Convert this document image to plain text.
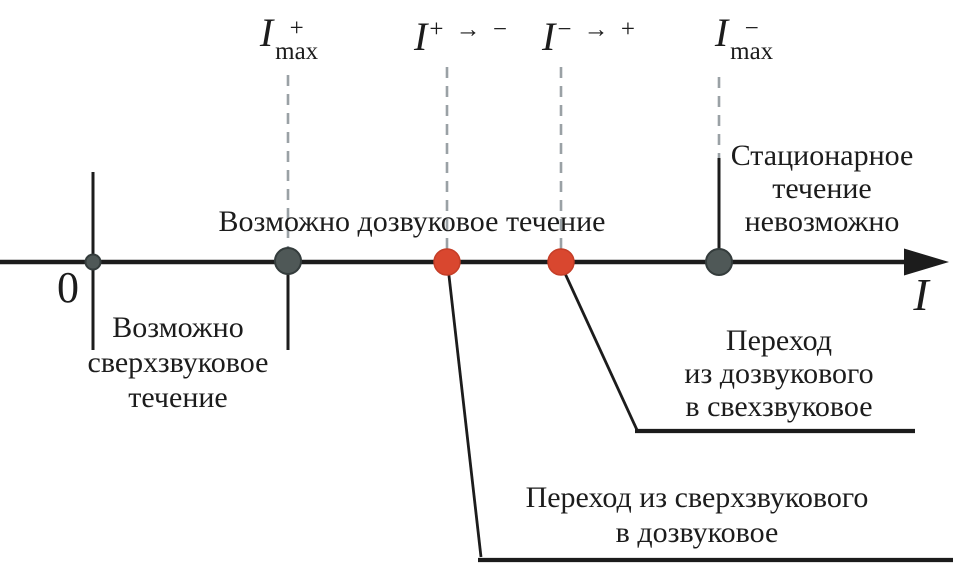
I +
max I+ → − I− → + I −
max
0	I
Возможно дозвуковое течение
Возможно
сверхзвуковое
течение
Стационарное
течение
невозможно
Переход
из дозвукового
в свехзвуковое
Переход из сверхзвукового
в дозвуковое
